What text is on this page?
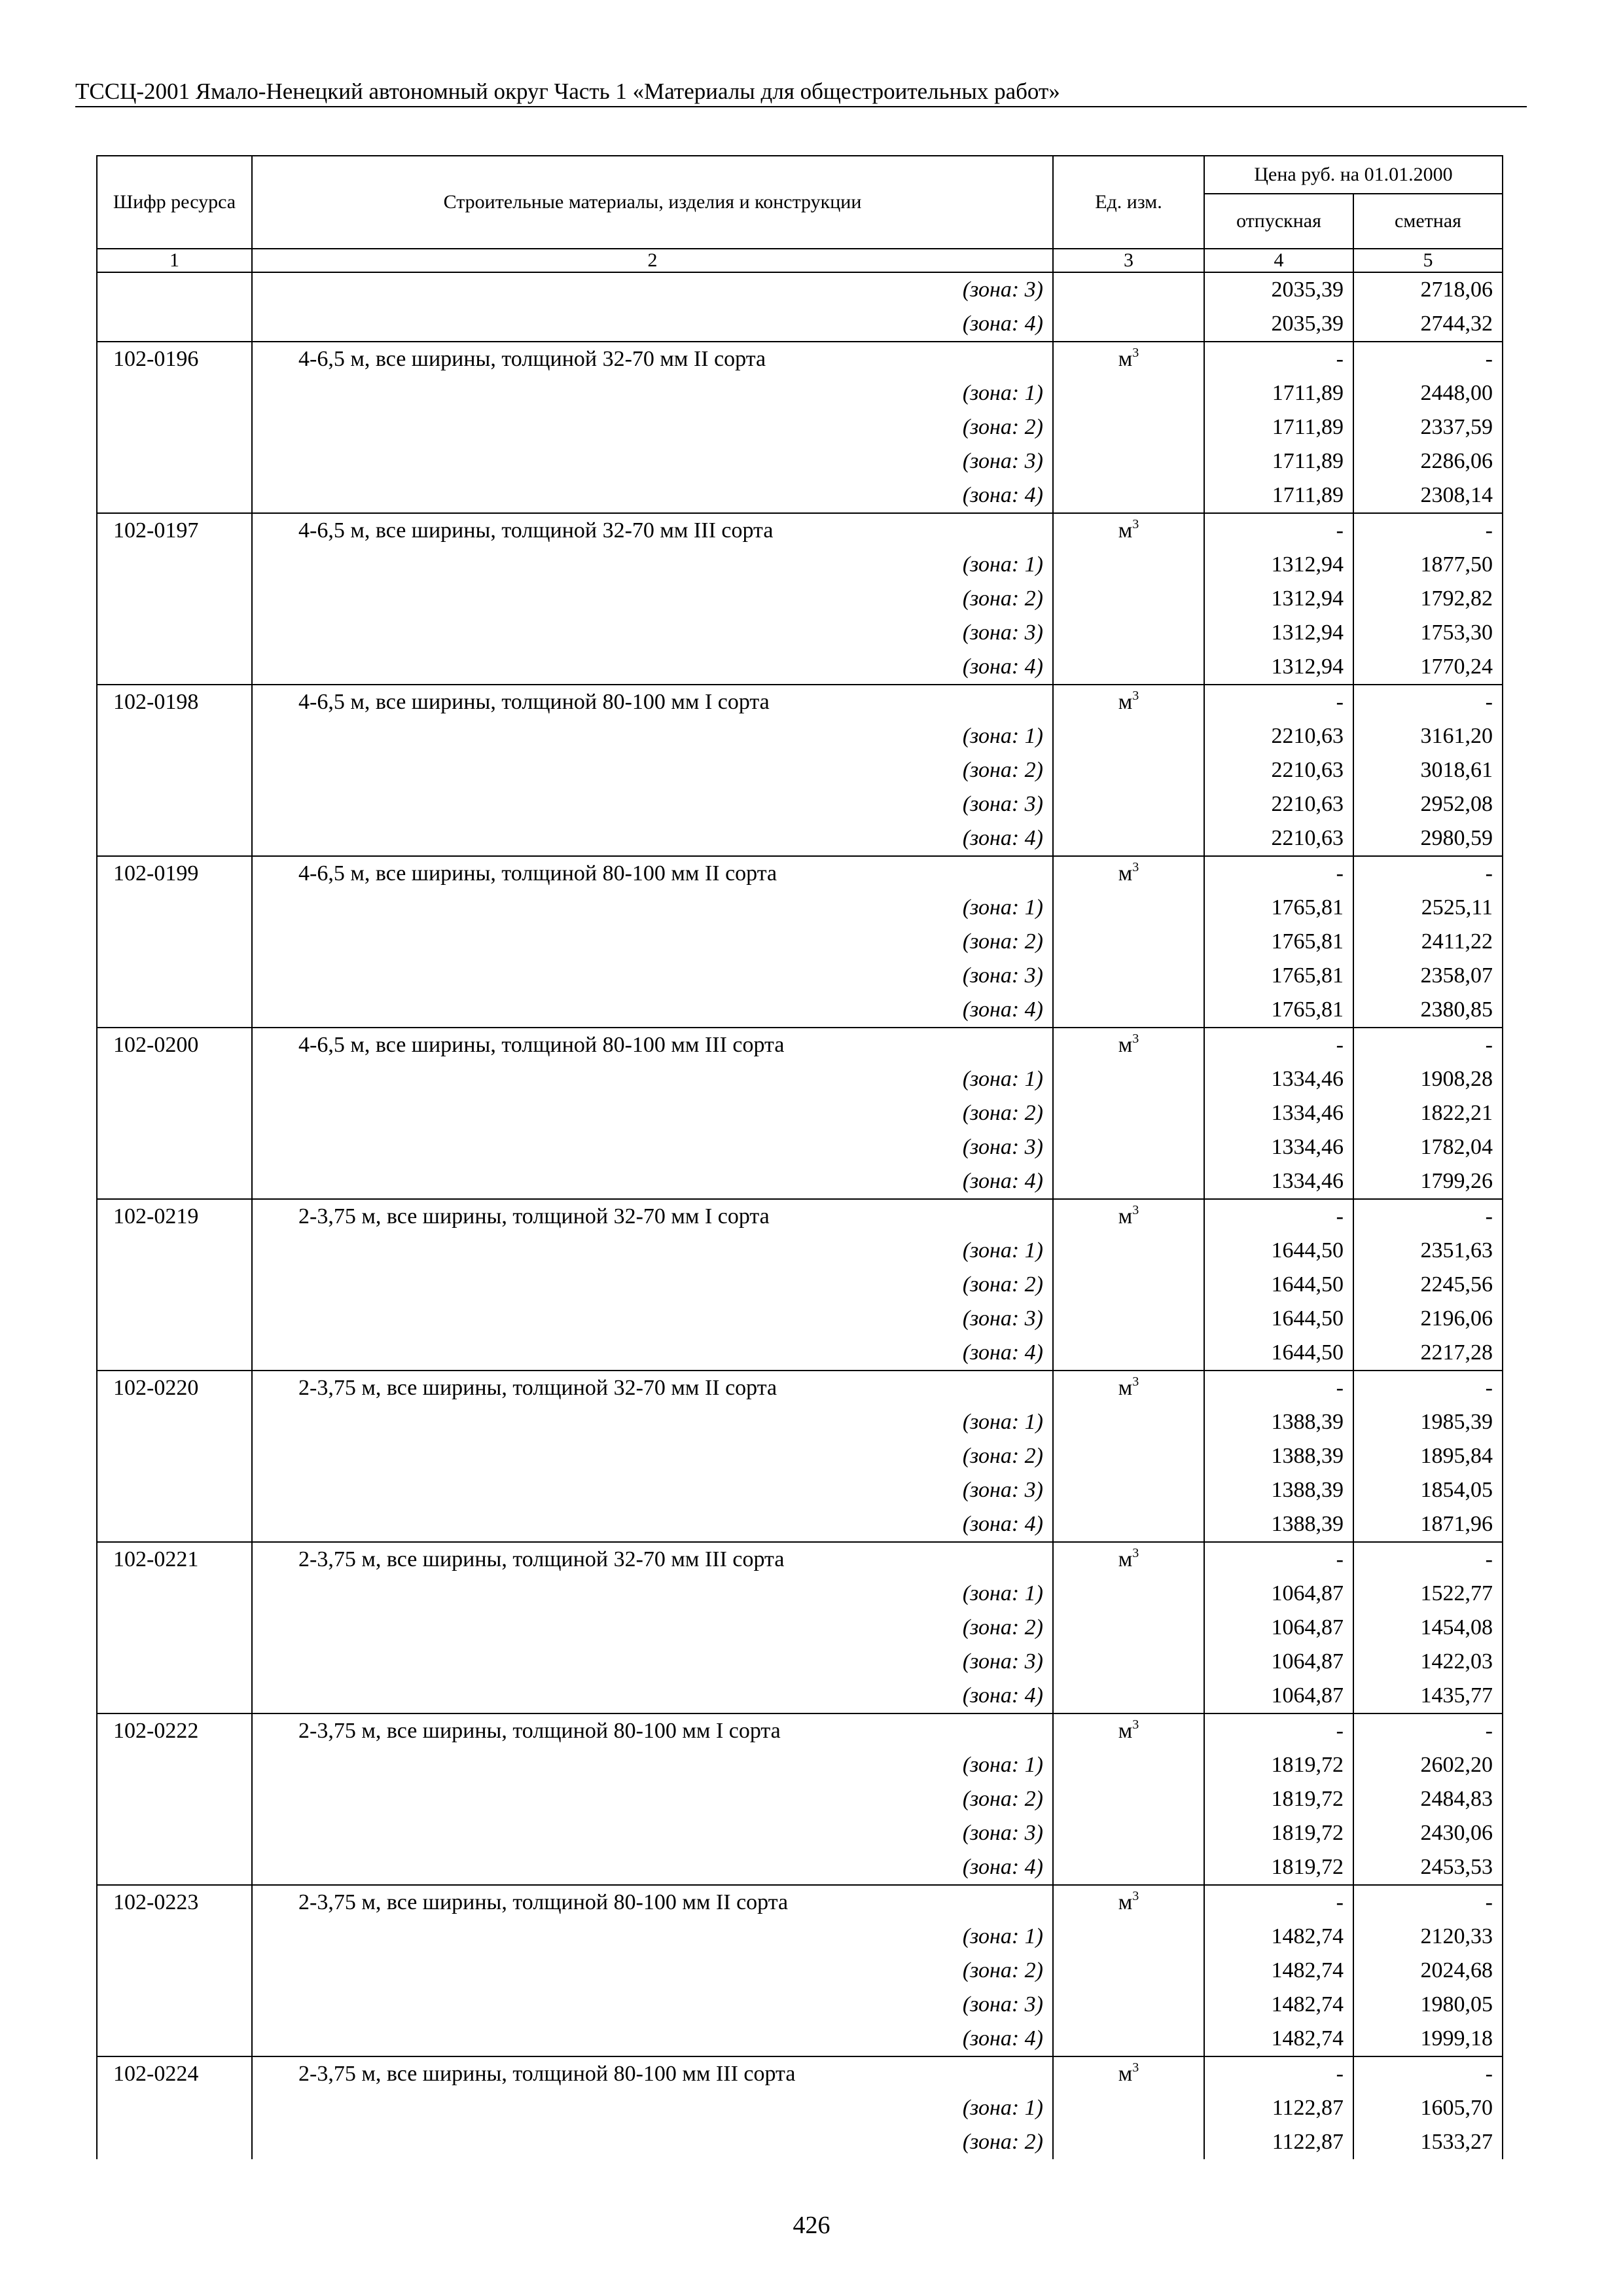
ТССЦ-2001 Ямало-Ненецкий автономный округ Часть 1 «Материалы для общестроительных работ»
Шифр ресурса	Строительные материалы, изделия и конструкции	Ед. изм.	Цена руб. на 01.01.2000	
			отпускная	сметная
1	2	3	4	5
	(зона: 3)		2035,39	2718,06
	(зона: 4)		2035,39	2744,32
102-0196	4-6,5 м, все ширины, толщиной 32-70 мм II сорта	$м^3$	-	-
	(зона: 1)		1711,89	2448,00
	(зона: 2)		1711,89	2337,59
	(зона: 3)		1711,89	2286,06
	(зона: 4)		1711,89	2308,14
102-0197	4-6,5 м, все ширины, толщиной 32-70 мм III сорта	$м^3$	-	-
	(зона: 1)		1312,94	1877,50
	(зона: 2)		1312,94	1792,82
	(зона: 3)		1312,94	1753,30
	(зона: 4)		1312,94	1770,24
102-0198	4-6,5 м, все ширины, толщиной 80-100 мм I сорта	$м^3$	-	-
	(зона: 1)		2210,63	3161,20
	(зона: 2)		2210,63	3018,61
	(зона: 3)		2210,63	2952,08
	(зона: 4)		2210,63	2980,59
102-0199	4-6,5 м, все ширины, толщиной 80-100 мм II сорта	$м^3$	-	-
	(зона: 1)		1765,81	2525,11
	(зона: 2)		1765,81	2411,22
	(зона: 3)		1765,81	2358,07
	(зона: 4)		1765,81	2380,85
102-0200	4-6,5 м, все ширины, толщиной 80-100 мм III сорта	$м^3$	-	-
	(зона: 1)		1334,46	1908,28
	(зона: 2)		1334,46	1822,21
	(зона: 3)		1334,46	1782,04
	(зона: 4)		1334,46	1799,26
102-0219	2-3,75 м, все ширины, толщиной 32-70 мм I сорта	$м^3$	-	-
	(зона: 1)		1644,50	2351,63
	(зона: 2)		1644,50	2245,56
	(зона: 3)		1644,50	2196,06
	(зона: 4)		1644,50	2217,28
102-0220	2-3,75 м, все ширины, толщиной 32-70 мм II сорта	$м^3$	-	-
	(зона: 1)		1388,39	1985,39
	(зона: 2)		1388,39	1895,84
	(зона: 3)		1388,39	1854,05
	(зона: 4)		1388,39	1871,96
102-0221	2-3,75 м, все ширины, толщиной 32-70 мм III сорта	$м^3$	-	-
	(зона: 1)		1064,87	1522,77
	(зона: 2)		1064,87	1454,08
	(зона: 3)		1064,87	1422,03
	(зона: 4)		1064,87	1435,77
102-0222	2-3,75 м, все ширины, толщиной 80-100 мм I сорта	$м^3$	-	-
	(зона: 1)		1819,72	2602,20
	(зона: 2)		1819,72	2484,83
	(зона: 3)		1819,72	2430,06
	(зона: 4)		1819,72	2453,53
102-0223	2-3,75 м, все ширины, толщиной 80-100 мм II сорта	$м^3$	-	-
	(зона: 1)		1482,74	2120,33
	(зона: 2)		1482,74	2024,68
	(зона: 3)		1482,74	1980,05
	(зона: 4)		1482,74	1999,18
102-0224	2-3,75 м, все ширины, толщиной 80-100 мм III сорта	$м^3$	-	-
	(зона: 1)		1122,87	1605,70
	(зона: 2)		1122,87	1533,27
426
